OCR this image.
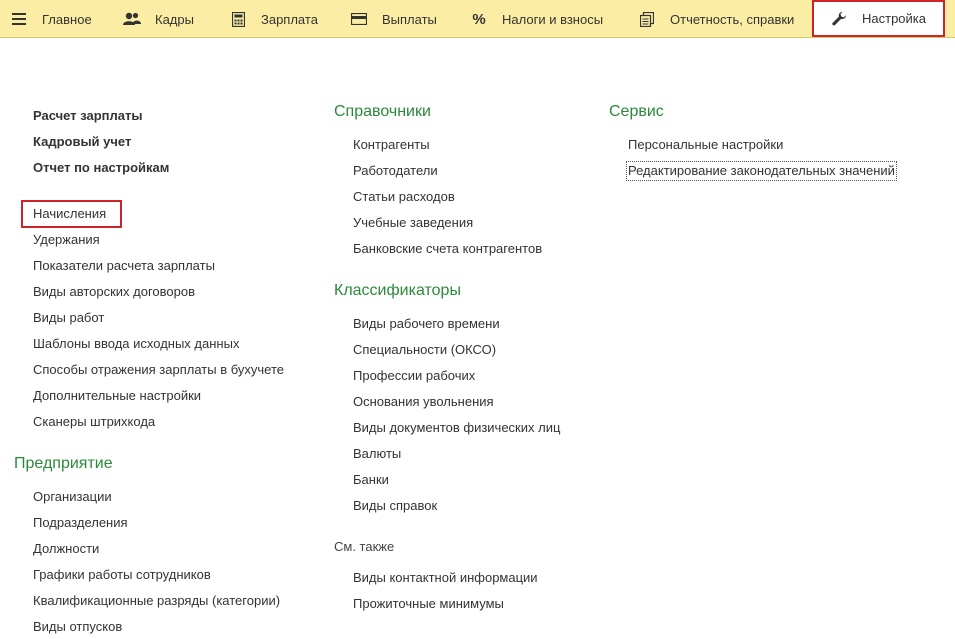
Главное	Кадры	Зарплата	Выплаты % Налоги и взносы	Отчетность, справки	Настройка
Расчет зарплаты
Кадровый учет
Отчет по настройкам
Начисления
Удержания
Показатели расчета зарплаты
Виды авторских договоров
Виды работ
Шаблоны ввода исходных данных
Способы отражения зарплаты в бухучете
Дополнительные настройки
Сканеры штрихкода
Предприятие
Организации
Подразделения
Должности
Графики работы сотрудников
Квалификационные разряды (категории)
Виды отпусков
Справочники
Контрагенты
Работодатели
Статьи расходов
Учебные заведения
Банковские счета контрагентов
Классификаторы
Виды рабочего времени
Специальности (ОКСО)
Профессии рабочих
Основания увольнения
Виды документов физических лиц
Валюты
Банки
Виды справок
См. также
Виды контактной информации
Прожиточные минимумы
Сервис
Персональные настройки
Редактирование законодательных значений
